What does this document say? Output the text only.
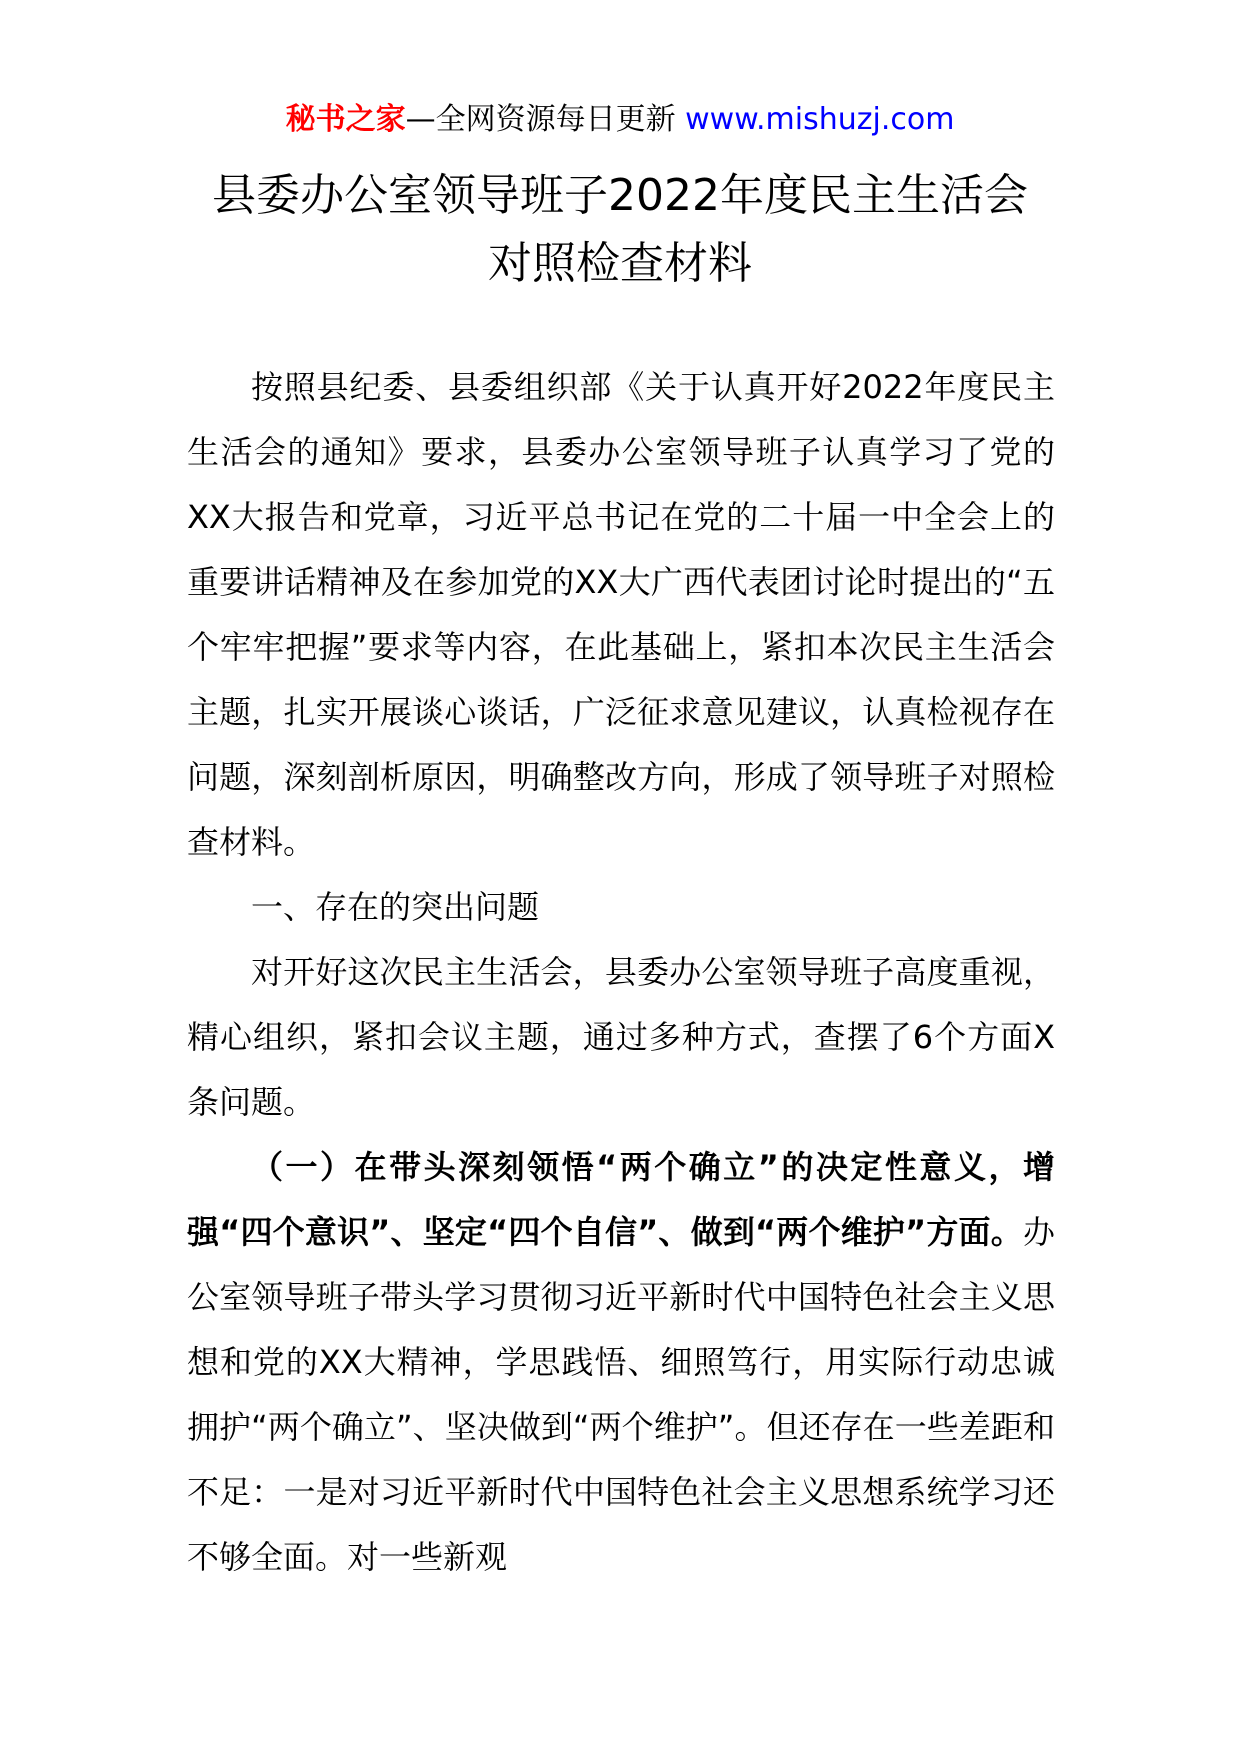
秘书之家—全网资源每日更新 www.mishuzj.com
县委办公室领导班子2022年度民主生活会
对照检查材料

按照县纪委、县委组织部《关于认真开好2022年度民主生活会的通知》要求，县委办公室领导班子认真学习了党的XX大报告和党章，习近平总书记在党的二十届一中全会上的重要讲话精神及在参加党的XX大广西代表团讨论时提出的“五个牢牢把握”要求等内容，在此基础上，紧扣本次民主生活会主题，扎实开展谈心谈话，广泛征求意见建议，认真检视存在问题，深刻剖析原因，明确整改方向，形成了领导班子对照检查材料。

一、存在的突出问题

对开好这次民主生活会，县委办公室领导班子高度重视，精心组织，紧扣会议主题，通过多种方式，查摆了6个方面X条问题。

（一）在带头深刻领悟“两个确立”的决定性意义，增强“四个意识”、坚定“四个自信”、做到“两个维护”方面。办公室领导班子带头学习贯彻习近平新时代中国特色社会主义思想和党的XX大精神，学思践悟、细照笃行，用实际行动忠诚拥护“两个确立”、坚决做到“两个维护”。但还存在一些差距和不足：一是对习近平新时代中国特色社会主义思想系统学习还不够全面。对一些新观
